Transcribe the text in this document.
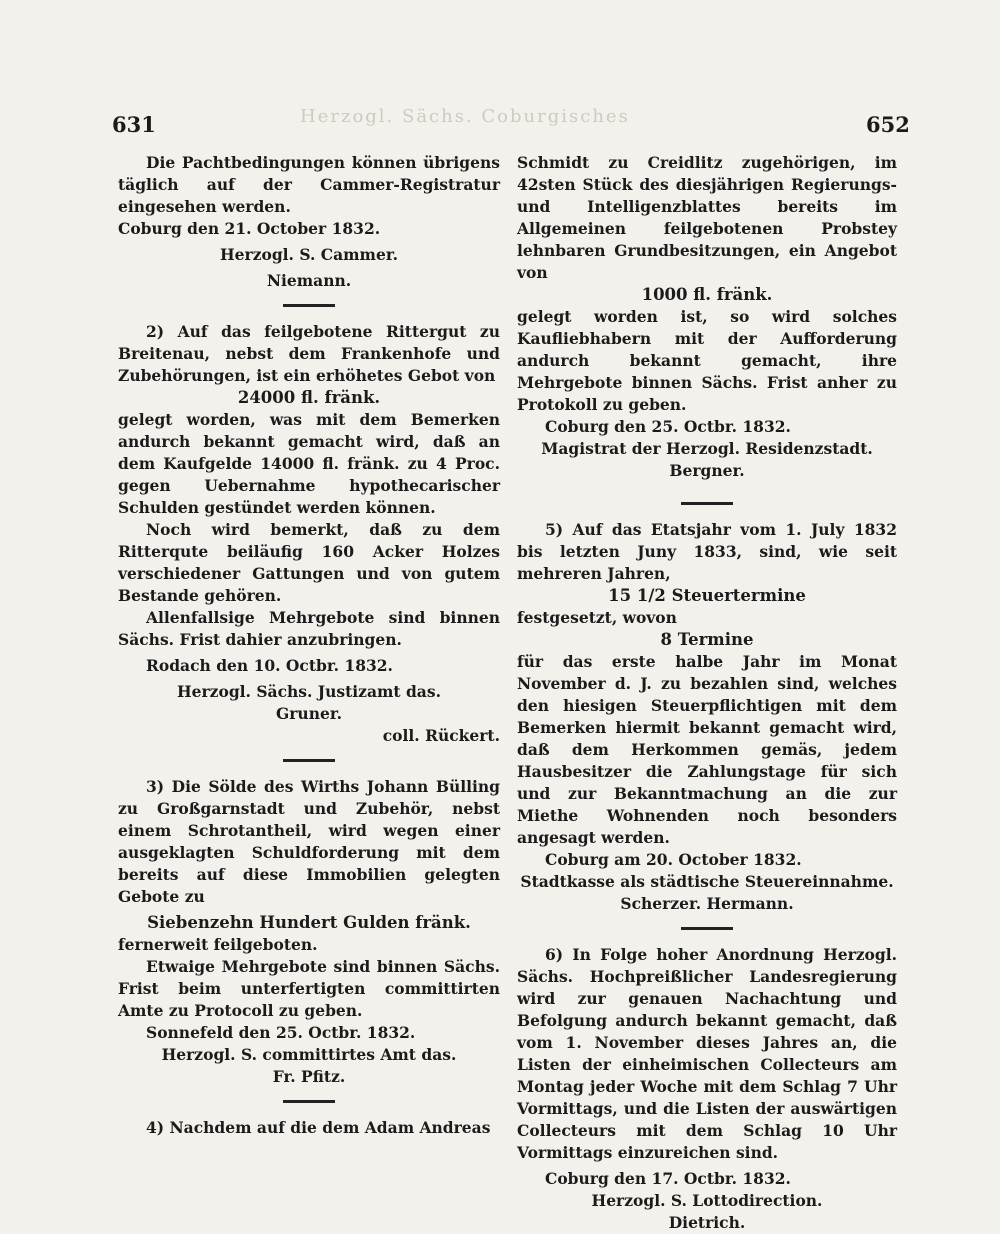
Herzogl. Sächs. Coburgisches
631	652

Die Pachtbedingungen können übrigens täglich auf der Cammer-Registratur eingesehen werden.

Coburg den 21. October 1832.

Herzogl. S. Cammer.

Niemann.

2) Auf das feilgebotene Rittergut zu Breitenau, nebst dem Frankenhofe und Zubehörungen, ist ein erhöhetes Gebot von

24000 fl. fränk.

gelegt worden, was mit dem Bemerken andurch bekannt gemacht wird, daß an dem Kaufgelde 14000 fl. fränk. zu 4 Proc. gegen Uebernahme hypothecarischer Schulden gestündet werden können.

Noch wird bemerkt, daß zu dem Ritterqute beiläufig 160 Acker Holzes verschiedener Gattungen und von gutem Bestande gehören.

Allenfallsige Mehrgebote sind binnen Sächs. Frist dahier anzubringen.

Rodach den 10. Octbr. 1832.

Herzogl. Sächs. Justizamt das.

Gruner.

coll. Rückert.

3) Die Sölde des Wirths Johann Bülling zu Großgarnstadt und Zubehör, nebst einem Schrotantheil, wird wegen einer ausgeklagten Schuldforderung mit dem bereits auf diese Immobilien gelegten Gebote zu

Siebenzehn Hundert Gulden fränk.

fernerweit feilgeboten.

Etwaige Mehrgebote sind binnen Sächs. Frist beim unterfertigten committirten Amte zu Protocoll zu geben.

Sonnefeld den 25. Octbr. 1832.

Herzogl. S. committirtes Amt das.

Fr. Pfitz.

4) Nachdem auf die dem Adam Andreas

Schmidt zu Creidlitz zugehörigen, im 42sten Stück des diesjährigen Regierungs- und Intelligenzblattes bereits im Allgemeinen feilgebotenen Probstey lehnbaren Grundbesitzungen, ein Angebot von

1000 fl. fränk.

gelegt worden ist, so wird solches Kaufliebhabern mit der Aufforderung andurch bekannt gemacht, ihre Mehrgebote binnen Sächs. Frist anher zu Protokoll zu geben.

Coburg den 25. Octbr. 1832.

Magistrat der Herzogl. Residenzstadt.

Bergner.

5) Auf das Etatsjahr vom 1. July 1832 bis letzten Juny 1833, sind, wie seit mehreren Jahren,

15 1/2 Steuertermine

festgesetzt, wovon

8 Termine

für das erste halbe Jahr im Monat November d. J. zu bezahlen sind, welches den hiesigen Steuerpflichtigen mit dem Bemerken hiermit bekannt gemacht wird, daß dem Herkommen gemäs, jedem Hausbesitzer die Zahlungstage für sich und zur Bekanntmachung an die zur Miethe Wohnenden noch besonders angesagt werden.

Coburg am 20. October 1832.

Stadtkasse als städtische Steuereinnahme.

Scherzer. Hermann.

6) In Folge hoher Anordnung Herzogl. Sächs. Hochpreißlicher Landesregierung wird zur genauen Nachachtung und Befolgung andurch bekannt gemacht, daß vom 1. November dieses Jahres an, die Listen der einheimischen Collecteurs am Montag jeder Woche mit dem Schlag 7 Uhr Vormittags, und die Listen der auswärtigen Collecteurs mit dem Schlag 10 Uhr Vormittags einzureichen sind.

Coburg den 17. Octbr. 1832.

Herzogl. S. Lottodirection.

Dietrich.
